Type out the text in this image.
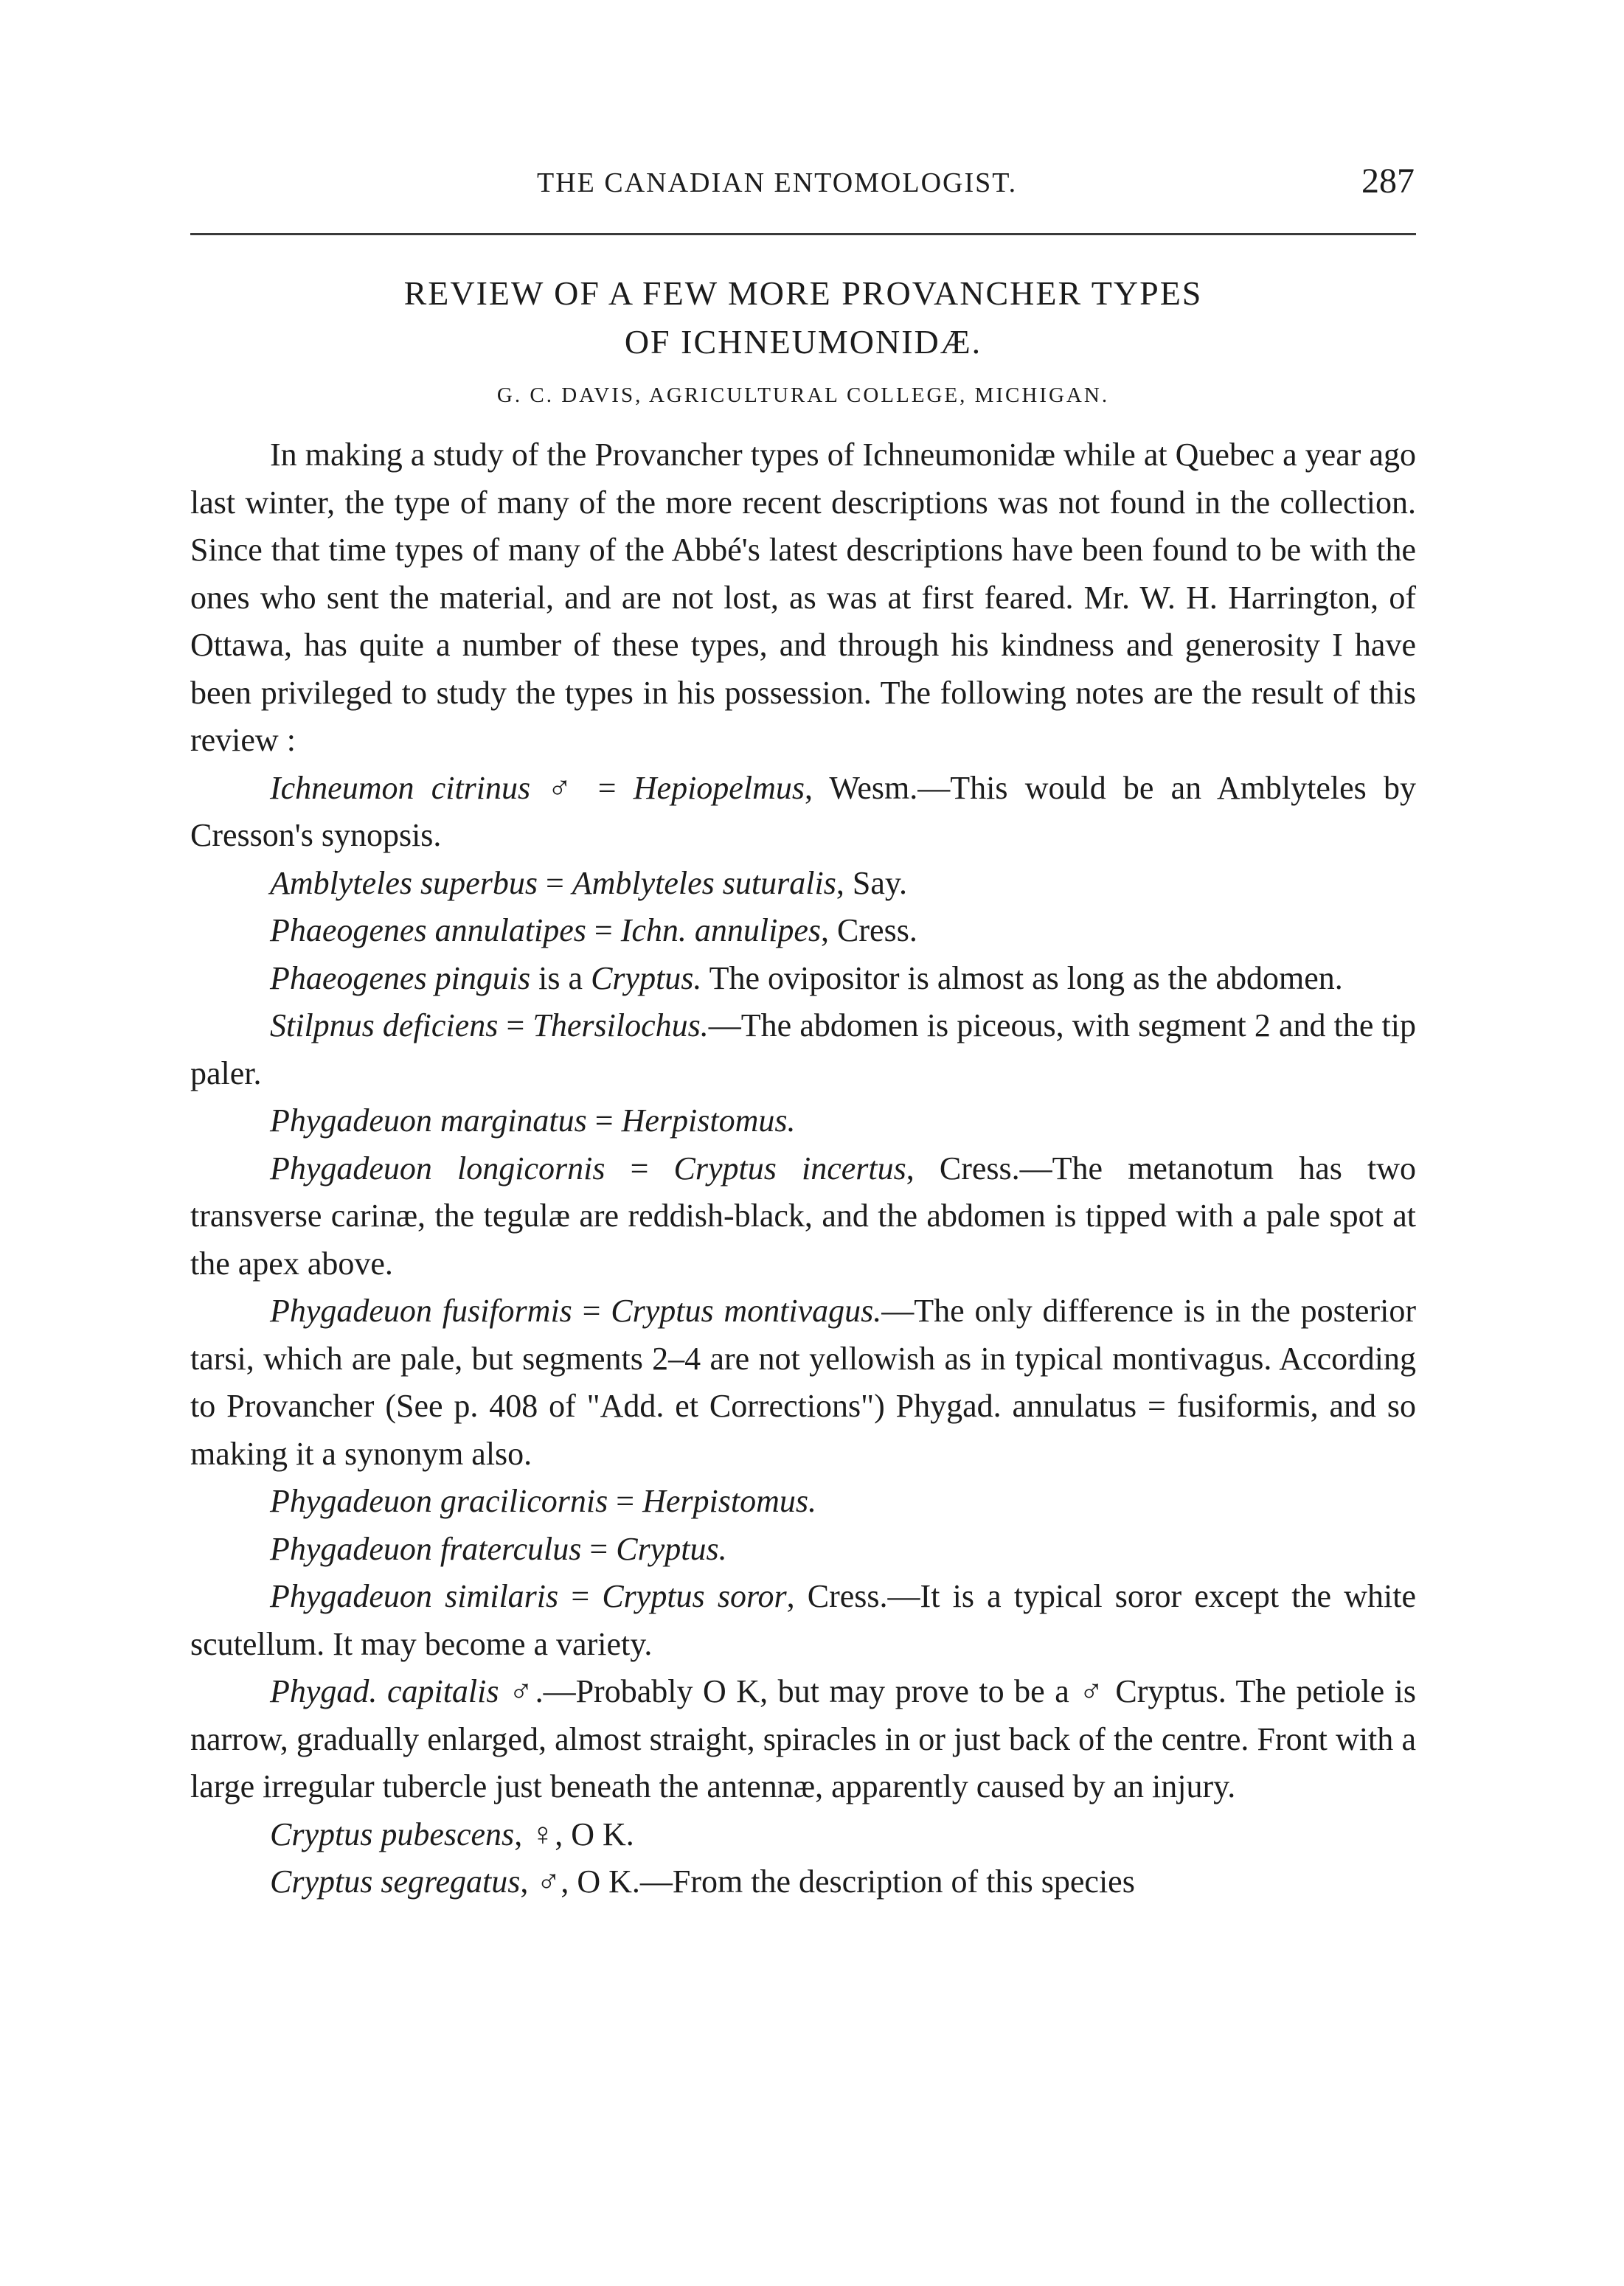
THE CANADIAN ENTOMOLOGIST.	287
REVIEW OF A FEW MORE PROVANCHER TYPES
OF ICHNEUMONIDÆ.
G. C. DAVIS, AGRICULTURAL COLLEGE, MICHIGAN.

In making a study of the Provancher types of Ichneumonidæ while at Quebec a year ago last winter, the type of many of the more recent descriptions was not found in the collection. Since that time types of many of the Abbé's latest descriptions have been found to be with the ones who sent the material, and are not lost, as was at first feared. Mr. W. H. Harrington, of Ottawa, has quite a number of these types, and through his kindness and generosity I have been privileged to study the types in his possession. The following notes are the result of this review :

Ichneumon citrinus ♂ = Hepiopelmus, Wesm.—This would be an Amblyteles by Cresson's synopsis.

Amblyteles superbus = Amblyteles suturalis, Say.

Phaeogenes annulatipes = Ichn. annulipes, Cress.

Phaeogenes pinguis is a Cryptus. The ovipositor is almost as long as the abdomen.

Stilpnus deficiens = Thersilochus.—The abdomen is piceous, with segment 2 and the tip paler.

Phygadeuon marginatus = Herpistomus.

Phygadeuon longicornis = Cryptus incertus, Cress.—The metanotum has two transverse carinæ, the tegulæ are reddish-black, and the abdomen is tipped with a pale spot at the apex above.

Phygadeuon fusiformis = Cryptus montivagus.—The only difference is in the posterior tarsi, which are pale, but segments 2–4 are not yellowish as in typical montivagus. According to Provancher (See p. 408 of "Add. et Corrections") Phygad. annulatus = fusiformis, and so making it a synonym also.

Phygadeuon gracilicornis = Herpistomus.

Phygadeuon fraterculus = Cryptus.

Phygadeuon similaris = Cryptus soror, Cress.—It is a typical soror except the white scutellum. It may become a variety.

Phygad. capitalis ♂.—Probably O K, but may prove to be a ♂ Cryptus. The petiole is narrow, gradually enlarged, almost straight, spiracles in or just back of the centre. Front with a large irregular tubercle just beneath the antennæ, apparently caused by an injury.

Cryptus pubescens, ♀, O K.

Cryptus segregatus, ♂, O K.—From the description of this species
